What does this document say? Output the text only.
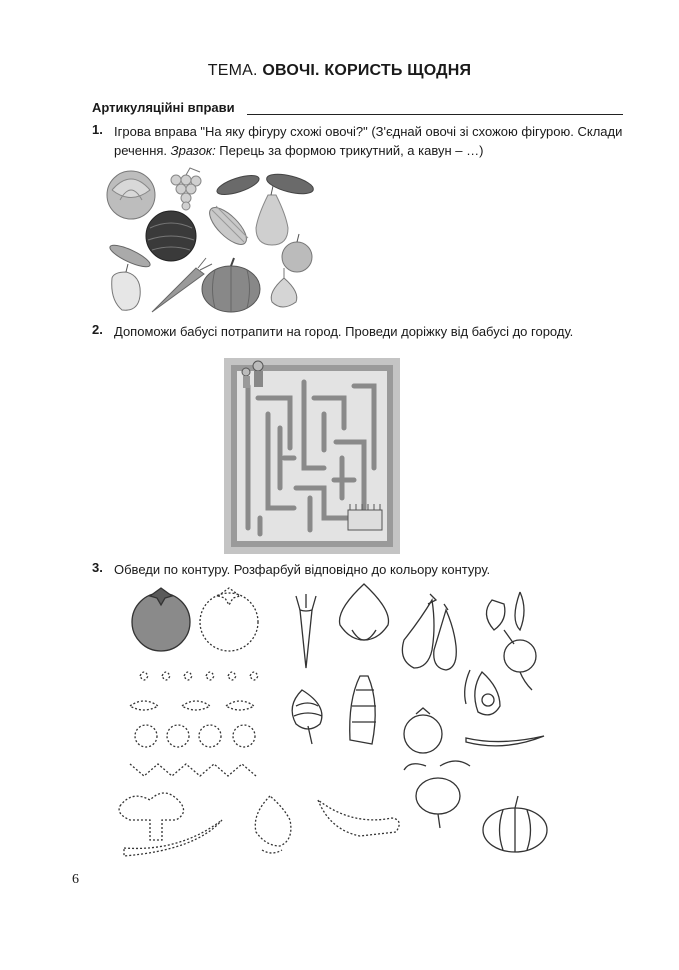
ТЕМА. ОВОЧІ. КОРИСТЬ ЩОДНЯ
Артикуляційні вправи
1. Ігрова вправа "На яку фігуру схожі овочі?" (З'єднай овочі зі схожою фігурою. Склади речення. Зразок: Перець за формою трикутний, а кавун – …)
2. Допоможи бабусі потрапити на город. Проведи доріжку від бабусі до городу.
3. Обведи по контуру. Розфарбуй відповідно до кольору контуру.
6
